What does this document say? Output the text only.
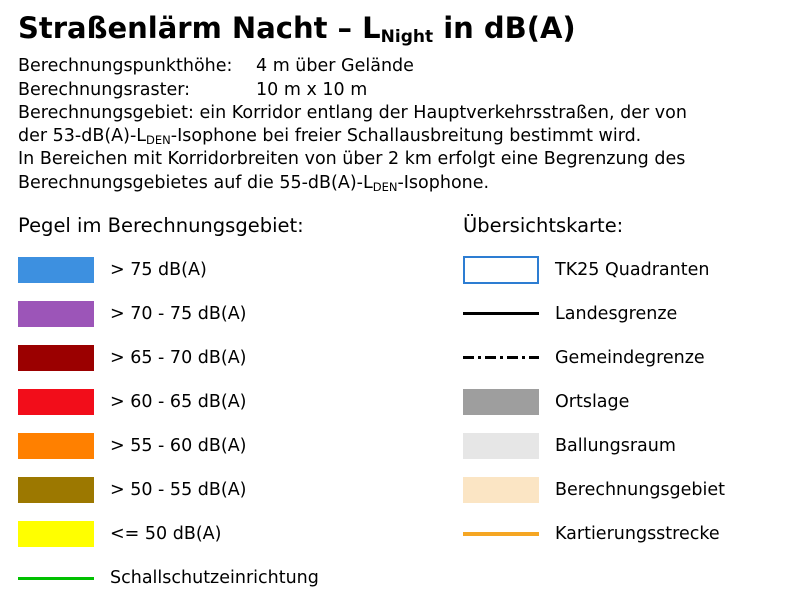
Straßenlärm Nacht – $L_{Night}$ in dB(A)
Berechnungspunkthöhe:	4 m über Gelände
Berechnungsraster:	10 m x 10 m
Berechnungsgebiet: ein Korridor entlang der Hauptverkehrsstraßen, der von
der $53-dB(A)-L_{DEN}$-Isophone bei freier Schallausbreitung bestimmt wird.
In Bereichen mit Korridorbreiten von über 2 km erfolgt eine Begrenzung des
Berechnungsgebietes auf die $55-dB(A)-L_{DEN}$-Isophone.
Pegel im Berechnungsgebiet:
> 75 dB(A)
> 70 - 75 dB(A)
> 65 - 70 dB(A)
> 60 - 65 dB(A)
> 55 - 60 dB(A)
> 50 - 55 dB(A)
<= 50 dB(A)
Übersichtskarte:
TK25 Quadranten
Landesgrenze
Gemeindegrenze
Ortslage
Ballungsraum
Berechnungsgebiet
Kartierungsstrecke
Schallschutzeinrichtung
